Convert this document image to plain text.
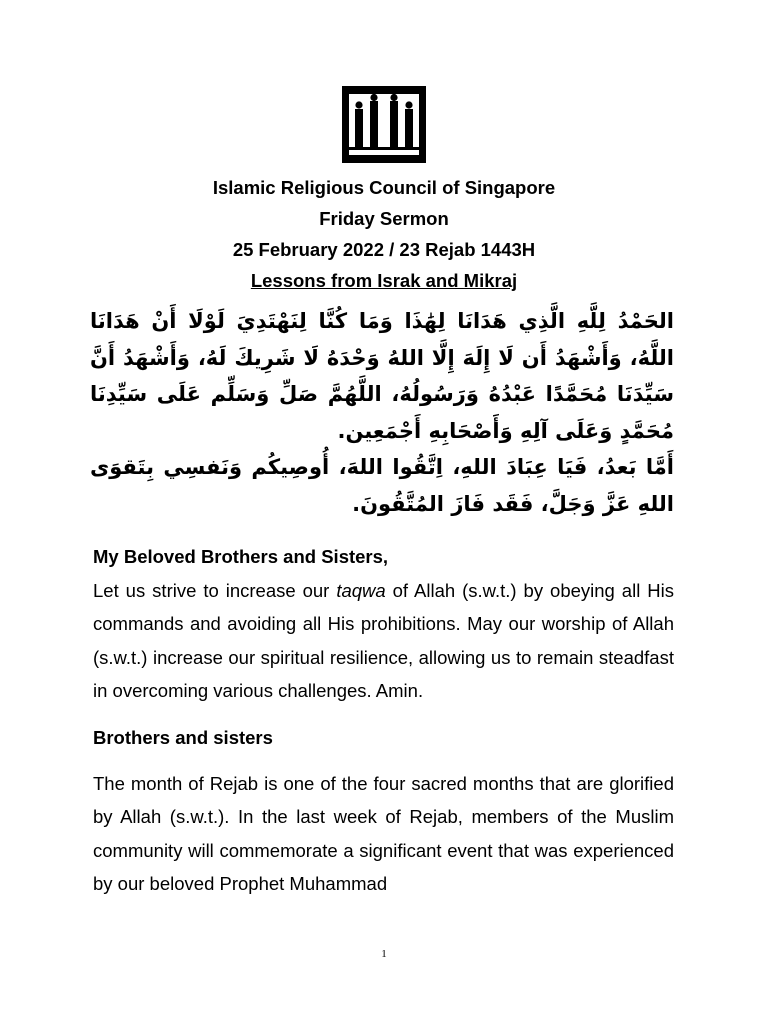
Islamic Religious Council of Singapore
Friday Sermon
25 February 2022 / 23 Rejab 1443H
Lessons from Israk and Mikraj

الحَمْدُ لِلَّهِ الَّذِي هَدَانَا لِهَٰذَا وَمَا كُنَّا لِنَهْتَدِيَ لَوْلَا أَنْ هَدَانَا اللَّهُ، وَأَشْهَدُ أَن لَا إِلَهَ إِلَّا اللهُ وَحْدَهُ لَا شَرِيكَ لَهُ، وَأَشْهَدُ أَنَّ سَيِّدَنَا مُحَمَّدًا عَبْدُهُ وَرَسُولُهُ، اللَّهُمَّ صَلِّ وَسَلِّم عَلَى سَيِّدِنَا مُحَمَّدٍ وَعَلَى آلِهِ وَأَصْحَابِهِ أَجْمَعِين.

أَمَّا بَعدُ، فَيَا عِبَادَ اللهِ، اِتَّقُوا اللهَ، أُوصِيكُم وَنَفسِي بِتَقوَى اللهِ عَزَّ وَجَلَّ، فَقَد فَازَ المُتَّقُونَ.

My Beloved Brothers and Sisters,

Let us strive to increase our taqwa of Allah (s.w.t.) by obeying all His commands and avoiding all His prohibitions. May our worship of Allah (s.w.t.) increase our spiritual resilience, allowing us to remain steadfast in overcoming various challenges. Amin.

Brothers and sisters

The month of Rejab is one of the four sacred months that are glorified by Allah (s.w.t.). In the last week of Rejab, members of the Muslim community will commemorate a significant event that was experienced by our beloved Prophet Muhammad

1
